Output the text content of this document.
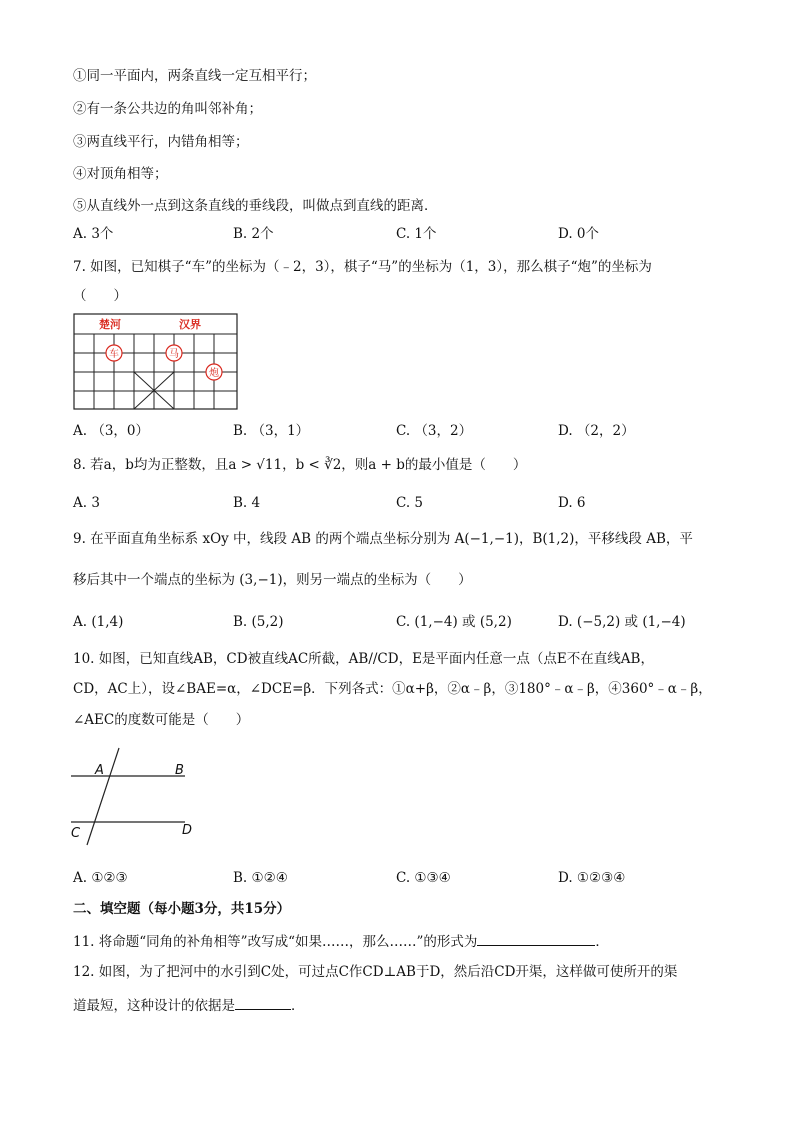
①同一平面内，两条直线一定互相平行；
②有一条公共边的角叫邻补角；
③两直线平行，内错角相等；
④对顶角相等；
⑤从直线外一点到这条直线的垂线段，叫做点到直线的距离．
A. 3个	B. 2个	C. 1个	D. 0个
7. 如图，已知棋子“车”的坐标为（﹣2，3），棋子“马”的坐标为（1，3），那么棋子“炮”的坐标为
（　　）
楚河	汉界
车	马
炮
A. （3，0）	B. （3，1）	C. （3，2）	D. （2，2）
8. 若a，b均为正整数，且a > √11，b < ∛2，则a + b的最小值是（　　）
A. 3	B. 4	C. 5	D. 6
9. 在平面直角坐标系 xOy 中，线段 AB 的两个端点坐标分别为 A(−1,−1)，B(1,2)，平移线段 AB，平
移后其中一个端点的坐标为 (3,−1)，则另一端点的坐标为（　　）
A. (1,4)	B. (5,2)	C. (1,−4) 或 (5,2)	D. (−5,2) 或 (1,−4)
10. 如图，已知直线AB，CD被直线AC所截，AB//CD，E是平面内任意一点（点E不在直线AB，
CD，AC上），设∠BAE=α，∠DCE=β．下列各式：①α+β，②α﹣β，③180°﹣α﹣β，④360°﹣α﹣β，
∠AEC的度数可能是（　　）
A	B
C	D
A. ①②③	B. ①②④	C. ①③④	D. ①②③④
二、填空题（每小题3分，共15分）
11. 将命题“同角的补角相等”改写成“如果……，那么……”的形式为	．
12. 如图，为了把河中的水引到C处，可过点C作CD⊥AB于D，然后沿CD开渠，这样做可使所开的渠
道最短，这种设计的依据是	．
